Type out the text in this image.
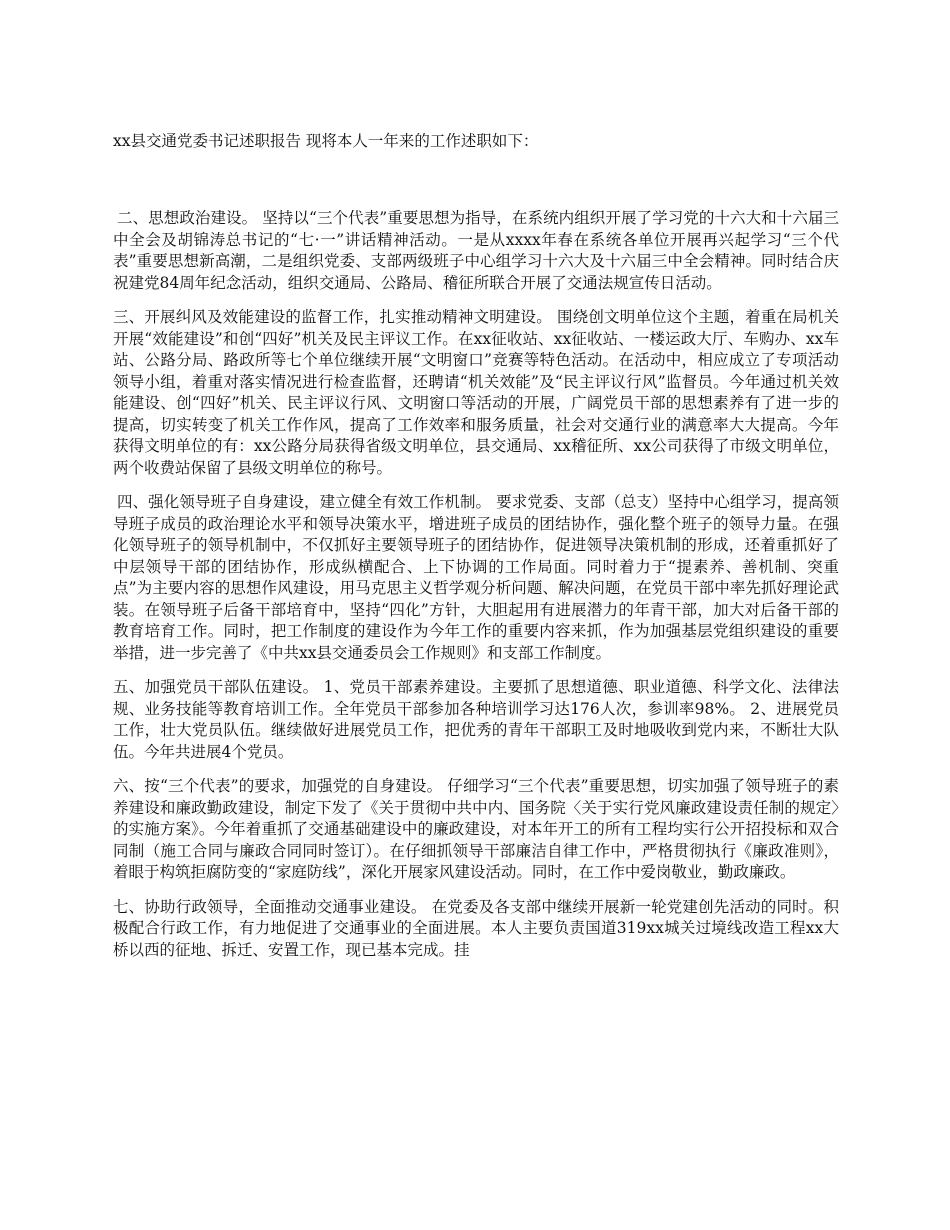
xx县交通党委书记述职报告 现将本人一年来的工作述职如下：

二、思想政治建设。 坚持以“三个代表”重要思想为指导，在系统内组织开展了学习党的十六大和十六届三中全会及胡锦涛总书记的“七·一”讲话精神活动。一是从xxxx年春在系统各单位开展再兴起学习“三个代表”重要思想新高潮，二是组织党委、支部两级班子中心组学习十六大及十六届三中全会精神。同时结合庆祝建党84周年纪念活动，组织交通局、公路局、稽征所联合开展了交通法规宣传日活动。

三、开展纠风及效能建设的监督工作，扎实推动精神文明建设。 围绕创文明单位这个主题，着重在局机关开展“效能建设”和创“四好”机关及民主评议工作。在xx征收站、xx征收站、一楼运政大厅、车购办、xx车站、公路分局、路政所等七个单位继续开展“文明窗口”竞赛等特色活动。在活动中，相应成立了专项活动领导小组，着重对落实情况进行检查监督，还聘请“机关效能”及“民主评议行风”监督员。今年通过机关效能建设、创“四好”机关、民主评议行风、文明窗口等活动的开展，广阔党员干部的思想素养有了进一步的提高，切实转变了机关工作作风，提高了工作效率和服务质量，社会对交通行业的满意率大大提高。今年获得文明单位的有：xx公路分局获得省级文明单位，县交通局、xx稽征所、xx公司获得了市级文明单位，两个收费站保留了县级文明单位的称号。

四、强化领导班子自身建设，建立健全有效工作机制。 要求党委、支部（总支）坚持中心组学习，提高领导班子成员的政治理论水平和领导决策水平，增进班子成员的团结协作，强化整个班子的领导力量。在强化领导班子的领导机制中，不仅抓好主要领导班子的团结协作，促进领导决策机制的形成，还着重抓好了中层领导干部的团结协作，形成纵横配合、上下协调的工作局面。同时着力于“提素养、善机制、突重点”为主要内容的思想作风建设，用马克思主义哲学观分析问题、解决问题，在党员干部中率先抓好理论武装。在领导班子后备干部培育中，坚持“四化”方针，大胆起用有进展潜力的年青干部，加大对后备干部的教育培育工作。同时，把工作制度的建设作为今年工作的重要内容来抓，作为加强基层党组织建设的重要举措，进一步完善了《中共xx县交通委员会工作规则》和支部工作制度。

五、加强党员干部队伍建设。 1、党员干部素养建设。主要抓了思想道德、职业道德、科学文化、法律法规、业务技能等教育培训工作。全年党员干部参加各种培训学习达176人次，参训率98%。 2、进展党员工作，壮大党员队伍。继续做好进展党员工作，把优秀的青年干部职工及时地吸收到党内来，不断壮大队伍。今年共进展4个党员。

六、按“三个代表”的要求，加强党的自身建设。 仔细学习“三个代表”重要思想，切实加强了领导班子的素养建设和廉政勤政建设，制定下发了《关于贯彻中共中内、国务院〈关于实行党风廉政建设责任制的规定〉的实施方案》。今年着重抓了交通基础建设中的廉政建设，对本年开工的所有工程均实行公开招投标和双合同制（施工合同与廉政合同同时签订）。在仔细抓领导干部廉洁自律工作中，严格贯彻执行《廉政准则》，着眼于构筑拒腐防变的“家庭防线”，深化开展家风建设活动。同时，在工作中爱岗敬业，勤政廉政。

七、协助行政领导，全面推动交通事业建设。 在党委及各支部中继续开展新一轮党建创先活动的同时。积极配合行政工作，有力地促进了交通事业的全面进展。本人主要负责国道319xx城关过境线改造工程xx大桥以西的征地、拆迁、安置工作，现已基本完成。挂
